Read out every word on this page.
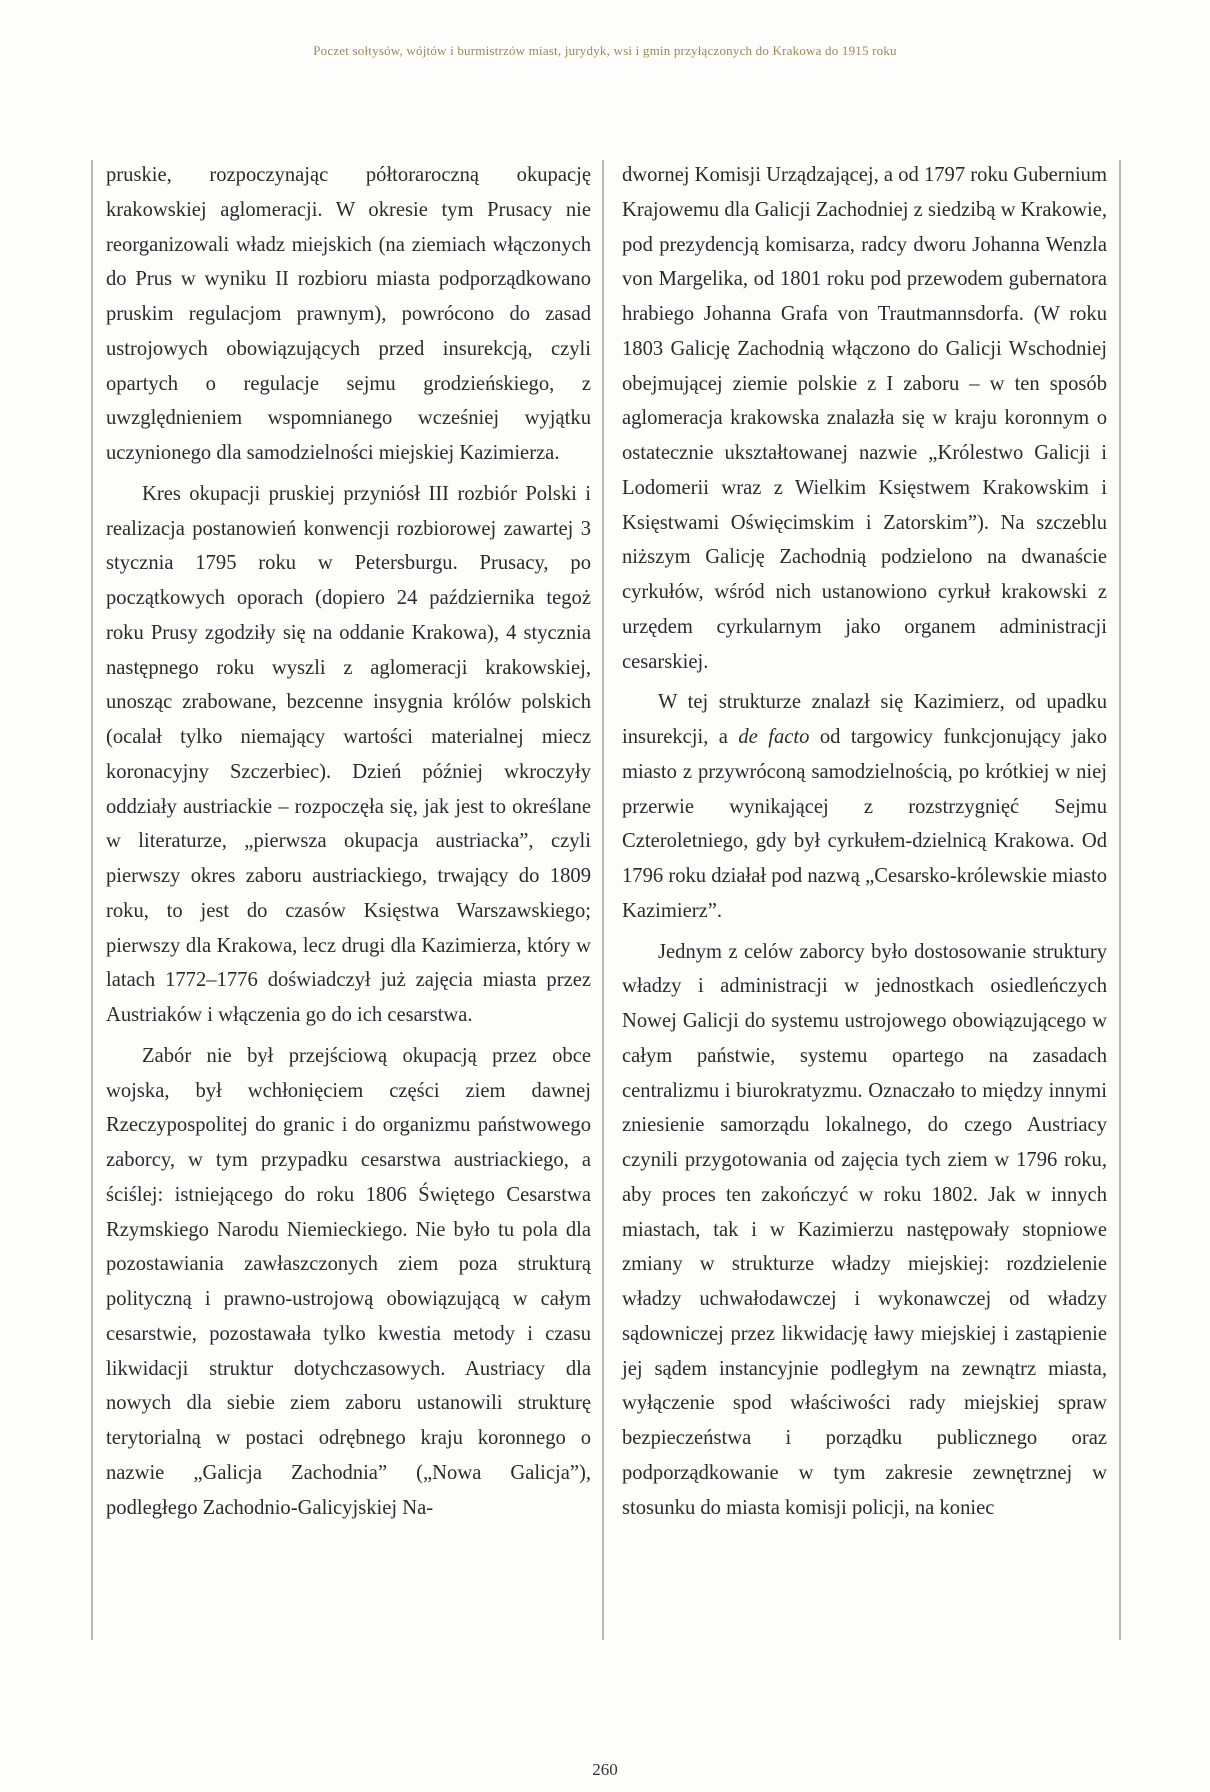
Poczet sołtysów, wójtów i burmistrzów miast, jurydyk, wsi i gmin przyłączonych do Krakowa do 1915 roku

pruskie, rozpoczynając półtoraroczną okupację krakowskiej aglomeracji. W okresie tym Prusacy nie reorganizowali władz miejskich (na ziemiach włączonych do Prus w wyniku II rozbioru miasta podporządkowano pruskim regulacjom prawnym), powrócono do zasad ustrojowych obowiązujących przed insurekcją, czyli opartych o regulacje sejmu grodzieńskiego, z uwzględnieniem wspomnianego wcześniej wyjątku uczynionego dla samodzielności miejskiej Kazimierza.

Kres okupacji pruskiej przyniósł III rozbiór Polski i realizacja postanowień konwencji rozbiorowej zawartej 3 stycznia 1795 roku w Petersburgu. Prusacy, po początkowych oporach (dopiero 24 października tegoż roku Prusy zgodziły się na oddanie Krakowa), 4 stycznia następnego roku wyszli z aglomeracji krakowskiej, unosząc zrabowane, bezcenne insygnia królów polskich (ocalał tylko niemający wartości materialnej miecz koronacyjny Szczerbiec). Dzień później wkroczyły oddziały austriackie – rozpoczęła się, jak jest to określane w literaturze, „pierwsza okupacja austriacka”, czyli pierwszy okres zaboru austriackiego, trwający do 1809 roku, to jest do czasów Księstwa Warszawskiego; pierwszy dla Krakowa, lecz drugi dla Kazimierza, który w latach 1772–1776 doświadczył już zajęcia miasta przez Austriaków i włączenia go do ich cesarstwa.

Zabór nie był przejściową okupacją przez obce wojska, był wchłonięciem części ziem dawnej Rzeczypospolitej do granic i do organizmu państwowego zaborcy, w tym przypadku cesarstwa austriackiego, a ściślej: istniejącego do roku 1806 Świętego Cesarstwa Rzymskiego Narodu Niemieckiego. Nie było tu pola dla pozostawiania zawłaszczonych ziem poza strukturą polityczną i prawno-ustrojową obowiązującą w całym cesarstwie, pozostawała tylko kwestia metody i czasu likwidacji struktur dotychczasowych. Austriacy dla nowych dla siebie ziem zaboru ustanowili strukturę terytorialną w postaci odrębnego kraju koronnego o nazwie „Galicja Zachodnia” („Nowa Galicja”), podległego Zachodnio-Galicyjskiej Na-

dwornej Komisji Urządzającej, a od 1797 roku Gubernium Krajowemu dla Galicji Zachodniej z siedzibą w Krakowie, pod prezydencją komisarza, radcy dworu Johanna Wenzla von Margelika, od 1801 roku pod przewodem gubernatora hrabiego Johanna Grafa von Trautmannsdorfa. (W roku 1803 Galicję Zachodnią włączono do Galicji Wschodniej obejmującej ziemie polskie z I zaboru – w ten sposób aglomeracja krakowska znalazła się w kraju koronnym o ostatecznie ukształtowanej nazwie „Królestwo Galicji i Lodomerii wraz z Wielkim Księstwem Krakowskim i Księstwami Oświęcimskim i Zatorskim”). Na szczeblu niższym Galicję Zachodnią podzielono na dwanaście cyrkułów, wśród nich ustanowiono cyrkuł krakowski z urzędem cyrkularnym jako organem administracji cesarskiej.

W tej strukturze znalazł się Kazimierz, od upadku insurekcji, a de facto od targowicy funkcjonujący jako miasto z przywróconą samodzielnością, po krótkiej w niej przerwie wynikającej z rozstrzygnięć Sejmu Czteroletniego, gdy był cyrkułem-dzielnicą Krakowa. Od 1796 roku działał pod nazwą „Cesarsko-królewskie miasto Kazimierz”.

Jednym z celów zaborcy było dostosowanie struktury władzy i administracji w jednostkach osiedleńczych Nowej Galicji do systemu ustrojowego obowiązującego w całym państwie, systemu opartego na zasadach centralizmu i biurokratyzmu. Oznaczało to między innymi zniesienie samorządu lokalnego, do czego Austriacy czynili przygotowania od zajęcia tych ziem w 1796 roku, aby proces ten zakończyć w roku 1802. Jak w innych miastach, tak i w Kazimierzu następowały stopniowe zmiany w strukturze władzy miejskiej: rozdzielenie władzy uchwałodawczej i wykonawczej od władzy sądowniczej przez likwidację ławy miejskiej i zastąpienie jej sądem instancyjnie podległym na zewnątrz miasta, wyłączenie spod właściwości rady miejskiej spraw bezpieczeństwa i porządku publicznego oraz podporządkowanie w tym zakresie zewnętrznej w stosunku do miasta komisji policji, na koniec

260
